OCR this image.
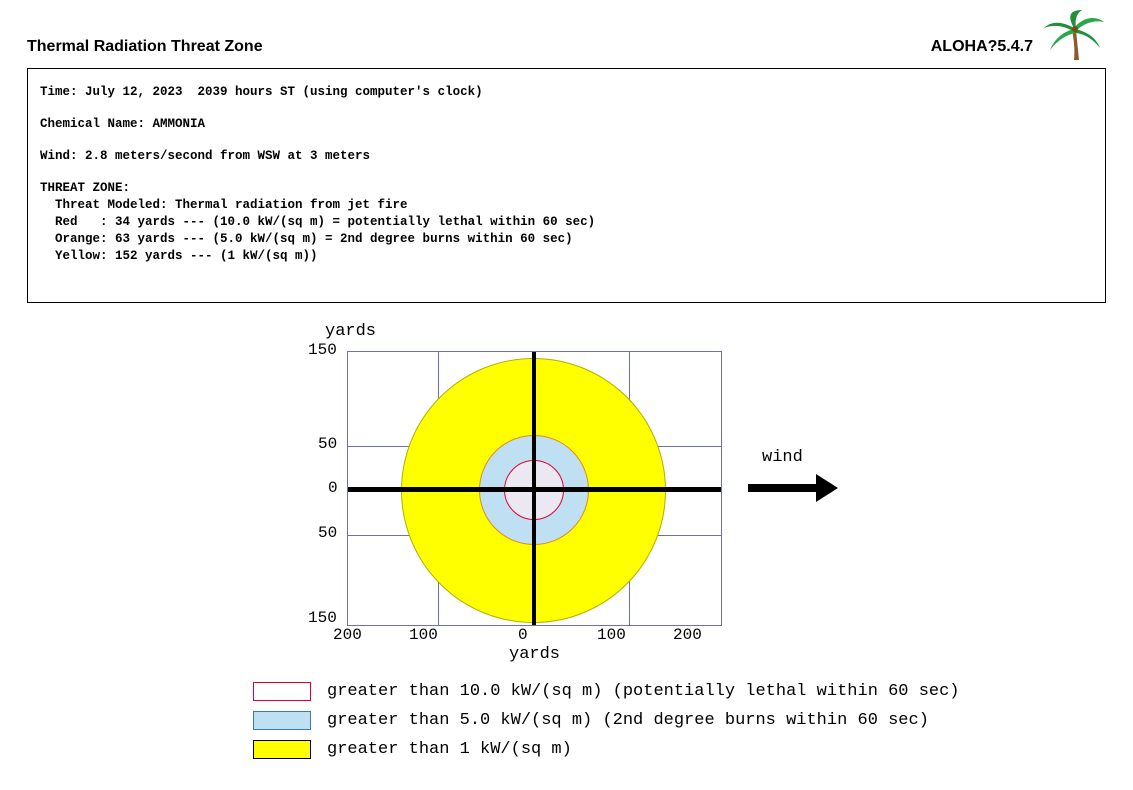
Thermal Radiation Threat Zone	ALOHA?5.4.7
Time: July 12, 2023  2039 hours ST (using computer's clock)
Chemical Name: AMMONIA
Wind: 2.8 meters/second from WSW at 3 meters
THREAT ZONE:
Threat Modeled: Thermal radiation from jet fire
Red   : 34 yards --- (10.0 kW/(sq m) = potentially lethal within 60 sec)
Orange: 63 yards --- (5.0 kW/(sq m) = 2nd degree burns within 60 sec)
Yellow: 152 yards --- (1 kW/(sq m))
yards
yards
150
50
0
50
150
200	100	0	100	200
wind
greater than 10.0 kW/(sq m) (potentially lethal within 60 sec)
greater than 5.0 kW/(sq m) (2nd degree burns within 60 sec)
greater than 1 kW/(sq m)
